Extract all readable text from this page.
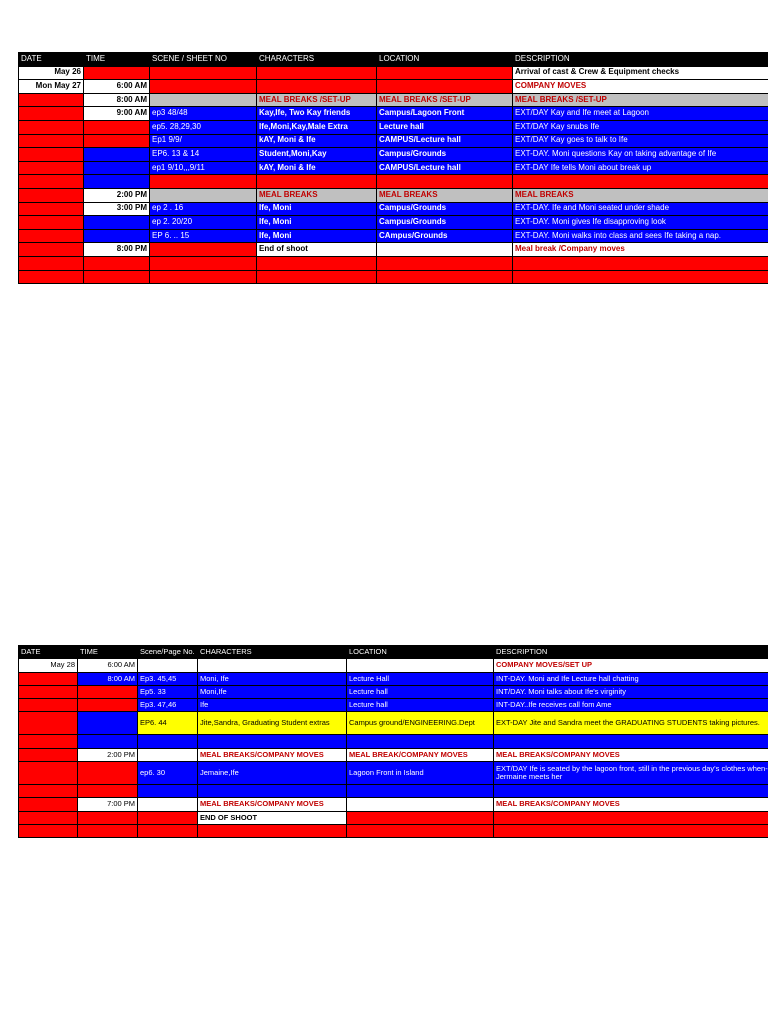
DATE	TIME	SCENE / SHEET NO	CHARACTERS	LOCATION	DESCRIPTION
May 26					Arrival of cast & Crew & Equipment checks
Mon May 27	6:00 AM				COMPANY MOVES
	8:00 AM		MEAL BREAKS /SET-UP	MEAL BREAKS /SET-UP	MEAL BREAKS /SET-UP
	9:00 AM	ep3 48/48	Kay,Ife, Two Kay friends	Campus/Lagoon Front	EXT/DAY Kay and Ife meet at Lagoon
		ep5. 28,29,30	Ife,Moni,Kay,Male Extra	Lecture hall	EXT/DAY Kay snubs Ife
		Ep1 9/9/	kAY, Moni & Ife	CAMPUS/Lecture hall	EXT/DAY Kay goes to talk to Ife
		EP6. 13 & 14	Student,Moni,Kay	Campus/Grounds	EXT-DAY. Moni questions Kay on taking advantage of Ife
		ep1 9/10,,,9/11	kAY, Moni & Ife	CAMPUS/Lecture hall	EXT-DAY Ife tells Moni about break up

	2:00 PM		MEAL BREAKS	MEAL BREAKS	MEAL BREAKS
	3:00 PM	ep 2 . 16	Ife, Moni	Campus/Grounds	EXT-DAY. Ife and Moni seated under shade
		ep 2. 20/20	Ife, Moni	Campus/Grounds	EXT-DAY. Moni gives Ife disapproving look
		EP 6. .. 15	Ife, Moni	CAmpus/Grounds	EXT-DAY. Moni walks into class and sees Ife taking a nap.
	8:00 PM		End of shoot		Meal break /Company moves

DATE	TIME	Scene/Page No.	CHARACTERS	LOCATION	DESCRIPTION
May 28	6:00 AM				COMPANY MOVES/SET UP
	8:00 AM	Ep3. 45,45	Moni, Ife	Lecture Hall	INT-DAY. Moni and Ife Lecture hall chatting
		Ep5. 33	Moni,Ife	Lecture hall	INT/DAY. Moni talks about Ife's virginity
		Ep3. 47,46	Ife	Lecture hall	INT-DAY..Ife receives call fom Ame
		EP6. 44	Jite,Sandra, Graduating Student extras	Campus ground/ENGINEERING.Dept	EXT-DAY Jite and Sandra meet the GRADUATING STUDENTS taking pictures.

	2:00 PM		MEAL BREAKS/COMPANY MOVES	MEAL BREAK/COMPANY MOVES	MEAL BREAKS/COMPANY MOVES
		ep6. 30	Jemaine,Ife	Lagoon Front in Island	EXT/DAY Ife is seated by the lagoon front, still in the previous day's clothes when- Jermaine meets her

	7:00 PM		MEAL BREAKS/COMPANY MOVES		MEAL BREAKS/COMPANY MOVES
			END OF SHOOT		
